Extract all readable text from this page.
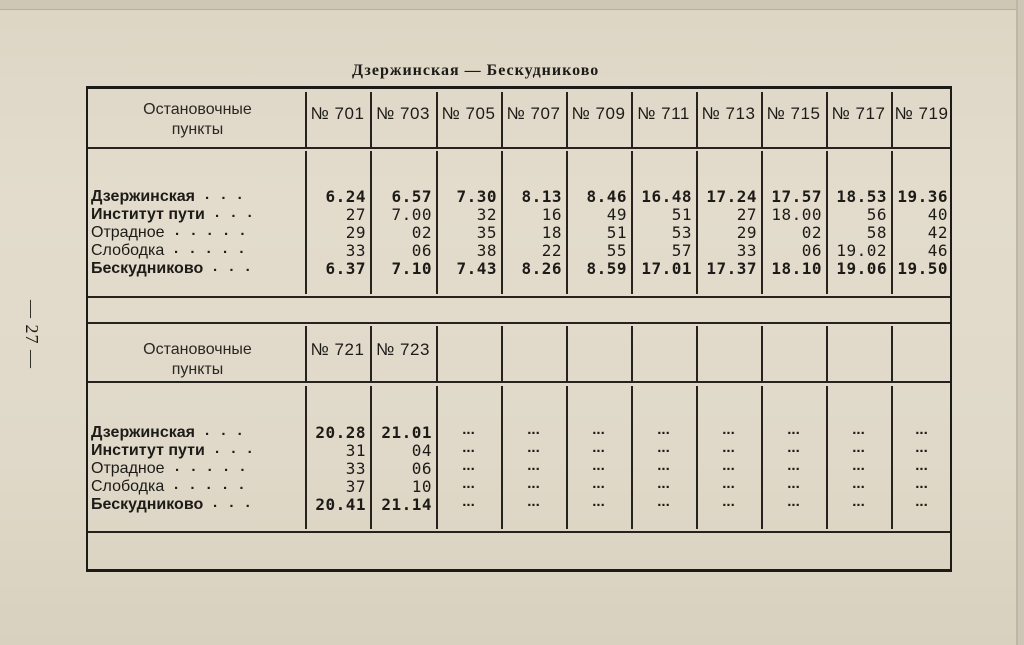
— 27 —
Дзержинская — Бескудниково
Остановочные
пункты
Остановочные
пункты
№ 701 № 703 № 705 № 707 № 709 № 711 № 713 № 715 № 717 № 719
№ 721 № 723
Дзержинская . . .
Институт пути . . .
Отрадное . . . . .
Слободка . . . . .
Бескудниково . . .
Дзержинская . . .
Институт пути . . .
Отрадное . . . . .
Слободка . . . . .
Бескудниково . . .
6.24
27
29
33
6.37
6.57
7.00
02
06
7.10
7.30
32
35
38
7.43
8.13
16
18
22
8.26
8.46
49
51
55
8.59
16.48
51
53
57
17.01
17.24
27
29
33
17.37
17.57
18.00
02
06
18.10
18.53
56
58
19.02
19.06
19.36
40
42
46
19.50
20.28
31
33
37
20.41
21.01
04
06
10
21.14
...
...
...
...
...
...
...
...
...
...
...
...
...
...
...
...
...
...
...
...
...
...
...
...
...
...
...
...
...
...
...
...
...
...
...
...
...
...
...
...
